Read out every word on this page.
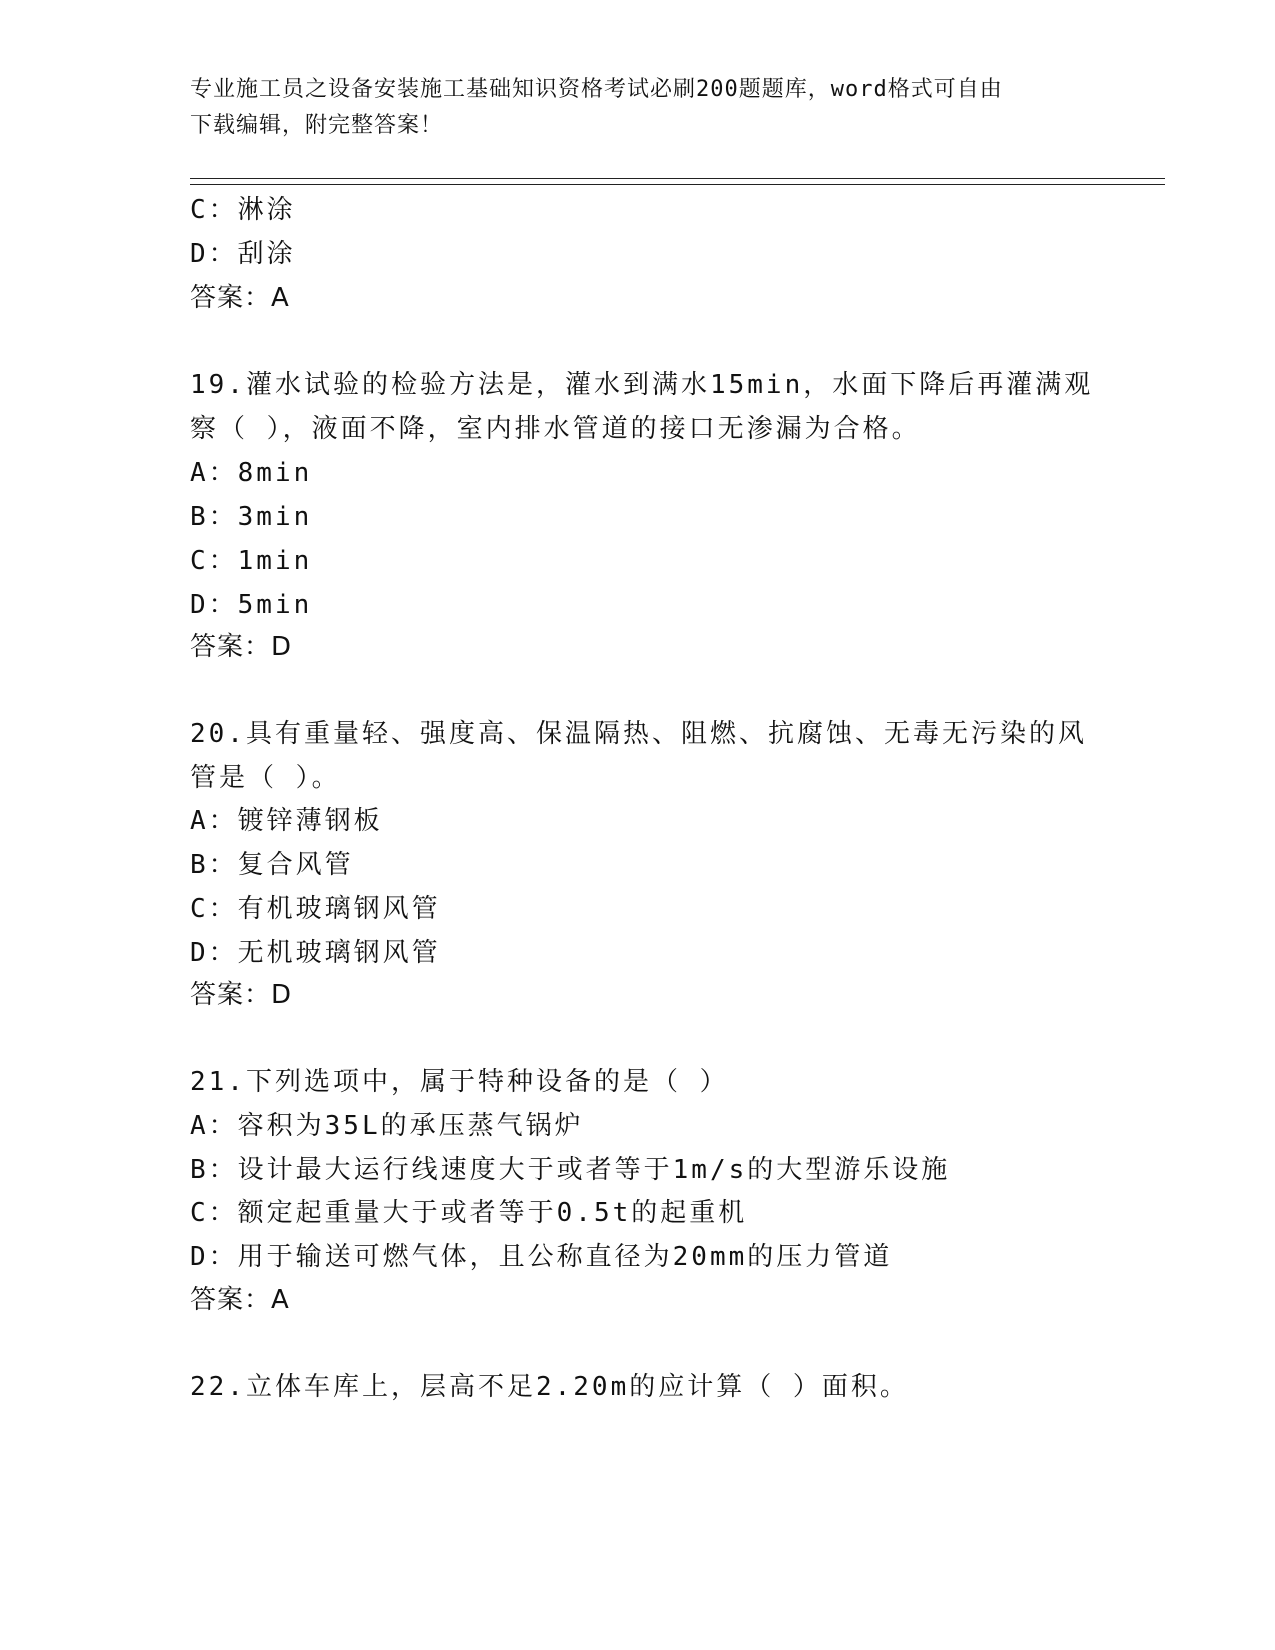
专业施工员之设备安装施工基础知识资格考试必刷200题题库，word格式可自由
下载编辑，附完整答案！
C：淋涂
D：刮涂
答案：A
19.灌水试验的检验方法是，灌水到满水15min，水面下降后再灌满观
察（ ），液面不降，室内排水管道的接口无渗漏为合格。
A：8min
B：3min
C：1min
D：5min
答案：D
20.具有重量轻、强度高、保温隔热、阻燃、抗腐蚀、无毒无污染的风
管是（ ）。
A：镀锌薄钢板
B：复合风管
C：有机玻璃钢风管
D：无机玻璃钢风管
答案：D
21.下列选项中，属于特种设备的是（ ）
A：容积为35L的承压蒸气锅炉
B：设计最大运行线速度大于或者等于1m/s的大型游乐设施
C：额定起重量大于或者等于0.5t的起重机
D：用于输送可燃气体，且公称直径为20mm的压力管道
答案：A
22.立体车库上，层高不足2.20m的应计算（ ）面积。
